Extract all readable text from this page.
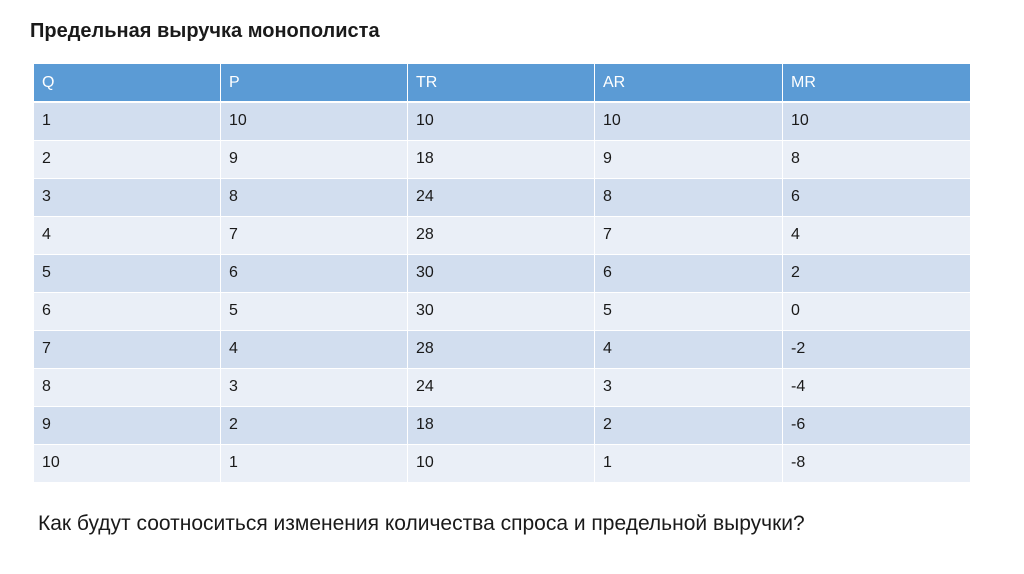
Предельная выручка монополиста
Q	P	TR	AR	MR
1	10	10	10	10
2	9	18	9	8
3	8	24	8	6
4	7	28	7	4
5	6	30	6	2
6	5	30	5	0
7	4	28	4	-2
8	3	24	3	-4
9	2	18	2	-6
10	1	10	1	-8
Как будут соотноситься изменения количества спроса и предельной выручки?
